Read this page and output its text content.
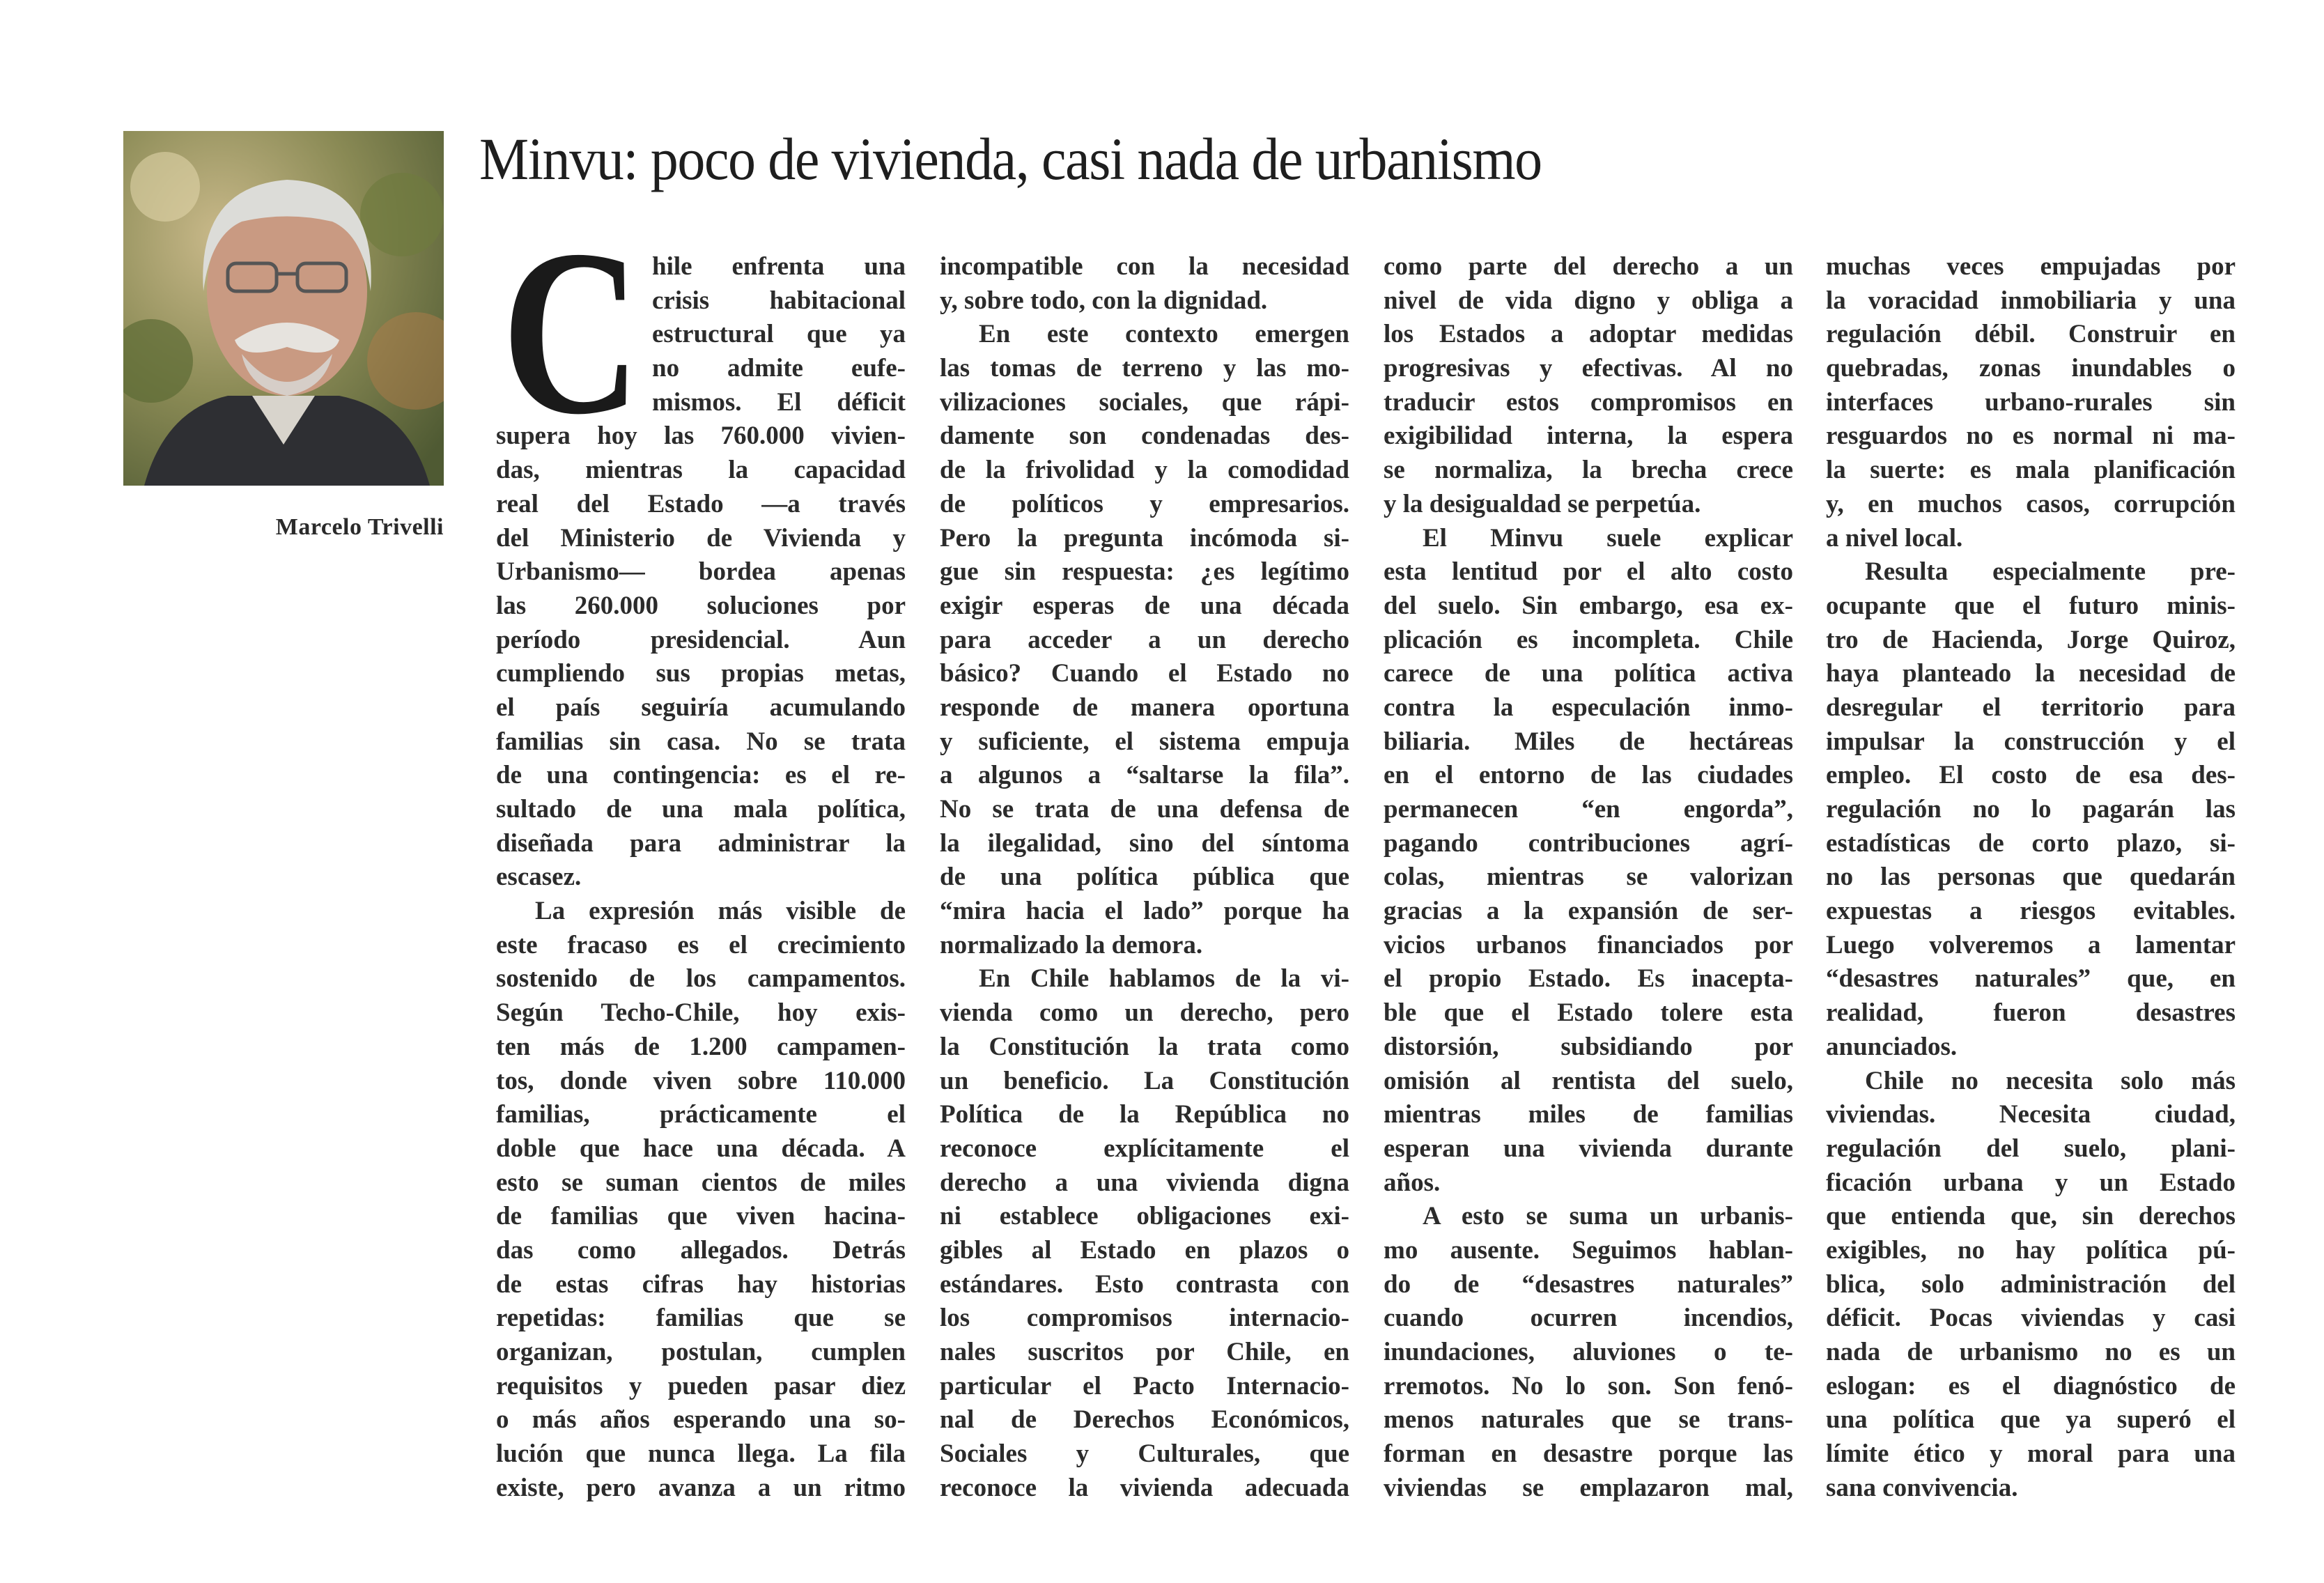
Marcelo Trivelli
Minvu: poco de vivienda, casi nada de urbanismo
hile enfrenta una
crisis habitacional
estructural que ya
no admite eufe-
mismos. El déficit
supera hoy las 760.000 vivien-
das, mientras la capacidad
real del Estado —a través
del Ministerio de Vivienda y
Urbanismo— bordea apenas
las 260.000 soluciones por
período presidencial. Aun
cumpliendo sus propias metas,
el país seguiría acumulando
familias sin casa. No se trata
de una contingencia: es el re-
sultado de una mala política,
diseñada para administrar la
escasez.
La expresión más visible de
este fracaso es el crecimiento
sostenido de los campamentos.
Según Techo-Chile, hoy exis-
ten más de 1.200 campamen-
tos, donde viven sobre 110.000
familias, prácticamente el
doble que hace una década. A
esto se suman cientos de miles
de familias que viven hacina-
das como allegados. Detrás
de estas cifras hay historias
repetidas: familias que se
organizan, postulan, cumplen
requisitos y pueden pasar diez
o más años esperando una so-
lución que nunca llega. La fila
existe, pero avanza a un ritmo
C	incompatible con la necesidad
y, sobre todo, con la dignidad.
En este contexto emergen
las tomas de terreno y las mo-
vilizaciones sociales, que rápi-
damente son condenadas des-
de la frivolidad y la comodidad
de políticos y empresarios.
Pero la pregunta incómoda si-
gue sin respuesta: ¿es legítimo
exigir esperas de una década
para acceder a un derecho
básico? Cuando el Estado no
responde de manera oportuna
y suficiente, el sistema empuja
a algunos a “saltarse la fila”.
No se trata de una defensa de
la ilegalidad, sino del síntoma
de una política pública que
“mira hacia el lado” porque ha
normalizado la demora.
En Chile hablamos de la vi-
vienda como un derecho, pero
la Constitución la trata como
un beneficio. La Constitución
Política de la República no
reconoce explícitamente el
derecho a una vivienda digna
ni establece obligaciones exi-
gibles al Estado en plazos o
estándares. Esto contrasta con
los compromisos internacio-
nales suscritos por Chile, en
particular el Pacto Internacio-
nal de Derechos Económicos,
Sociales y Culturales, que
reconoce la vivienda adecuada
como parte del derecho a un
nivel de vida digno y obliga a
los Estados a adoptar medidas
progresivas y efectivas. Al no
traducir estos compromisos en
exigibilidad interna, la espera
se normaliza, la brecha crece
y la desigualdad se perpetúa.
El Minvu suele explicar
esta lentitud por el alto costo
del suelo. Sin embargo, esa ex-
plicación es incompleta. Chile
carece de una política activa
contra la especulación inmo-
biliaria. Miles de hectáreas
en el entorno de las ciudades
permanecen “en engorda”,
pagando contribuciones agrí-
colas, mientras se valorizan
gracias a la expansión de ser-
vicios urbanos financiados por
el propio Estado. Es inacepta-
ble que el Estado tolere esta
distorsión, subsidiando por
omisión al rentista del suelo,
mientras miles de familias
esperan una vivienda durante
años.
A esto se suma un urbanis-
mo ausente. Seguimos hablan-
do de “desastres naturales”
cuando ocurren incendios,
inundaciones, aluviones o te-
rremotos. No lo son. Son fenó-
menos naturales que se trans-
forman en desastre porque las
viviendas se emplazaron mal,
muchas veces empujadas por
la voracidad inmobiliaria y una
regulación débil. Construir en
quebradas, zonas inundables o
interfaces urbano-rurales sin
resguardos no es normal ni ma-
la suerte: es mala planificación
y, en muchos casos, corrupción
a nivel local.
Resulta especialmente pre-
ocupante que el futuro minis-
tro de Hacienda, Jorge Quiroz,
haya planteado la necesidad de
desregular el territorio para
impulsar la construcción y el
empleo. El costo de esa des-
regulación no lo pagarán las
estadísticas de corto plazo, si-
no las personas que quedarán
expuestas a riesgos evitables.
Luego volveremos a lamentar
“desastres naturales” que, en
realidad, fueron desastres
anunciados.
Chile no necesita solo más
viviendas. Necesita ciudad,
regulación del suelo, plani-
ficación urbana y un Estado
que entienda que, sin derechos
exigibles, no hay política pú-
blica, solo administración del
déficit. Pocas viviendas y casi
nada de urbanismo no es un
eslogan: es el diagnóstico de
una política que ya superó el
límite ético y moral para una
sana convivencia.
